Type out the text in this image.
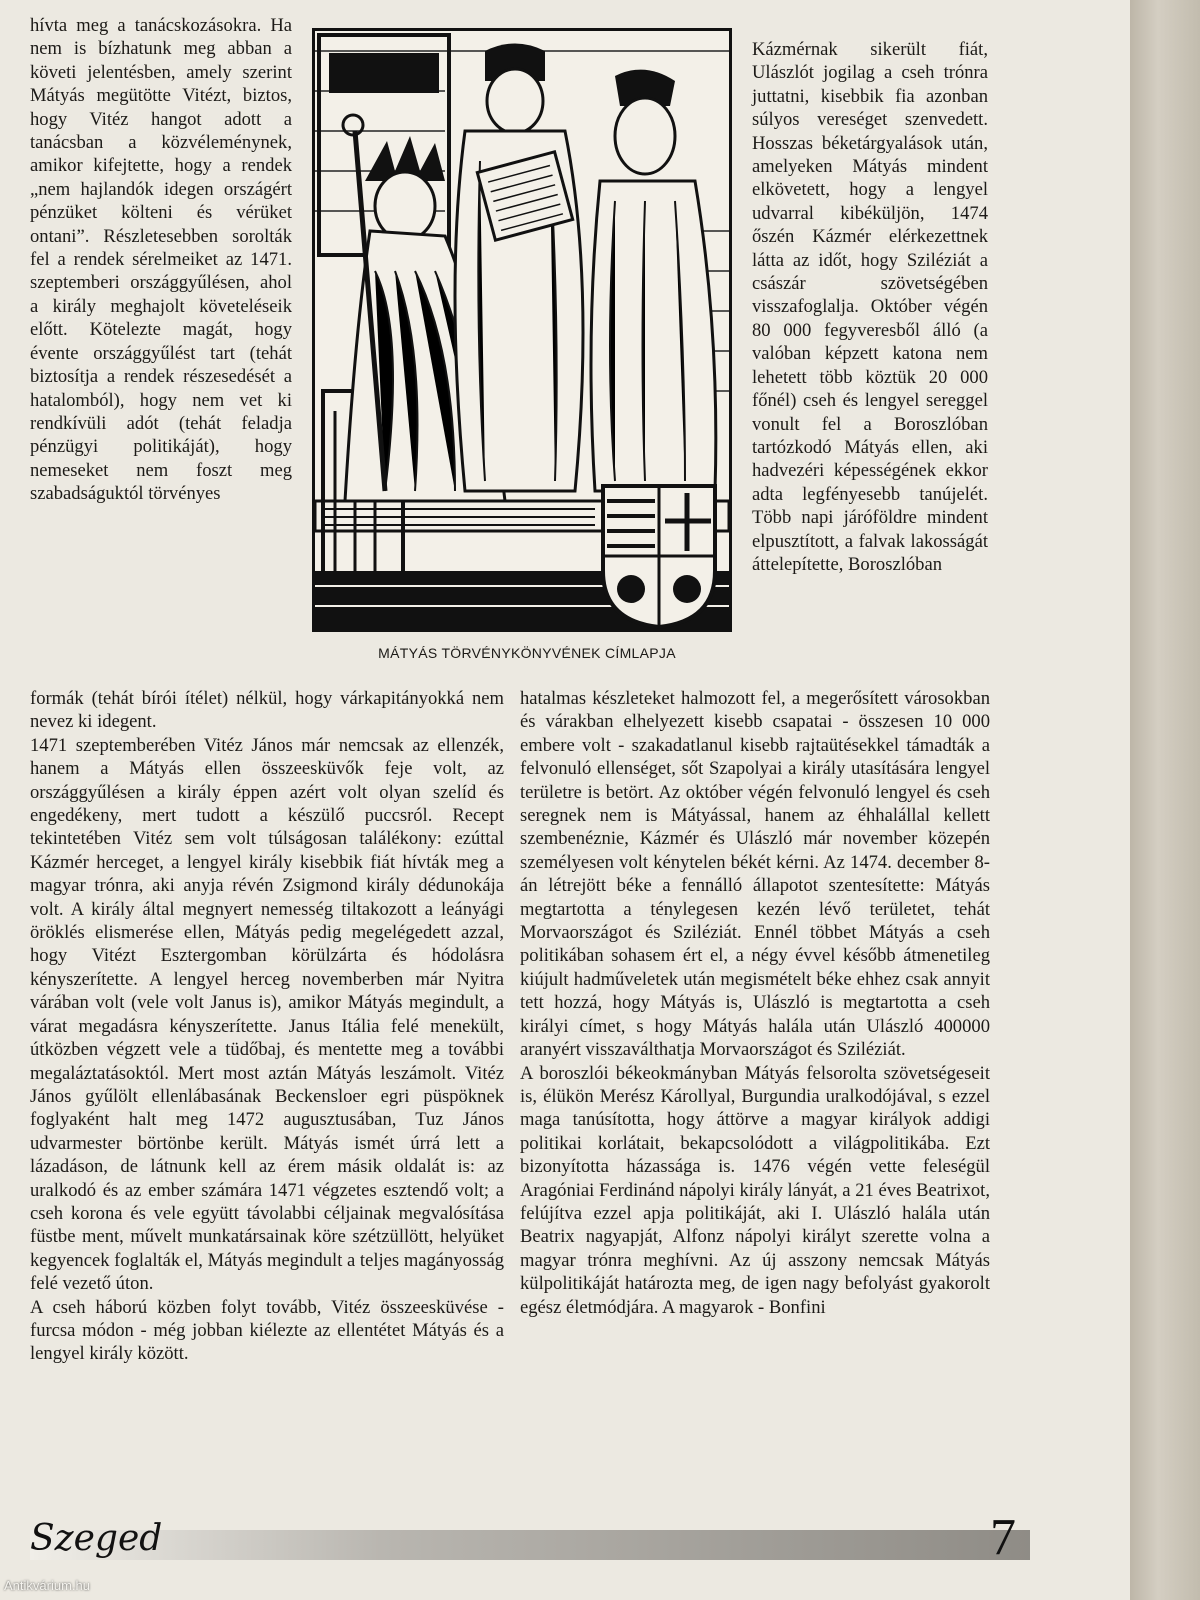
hívta meg a tanácskozásokra. Ha nem is bízhatunk meg abban a követi jelentésben, amely szerint Mátyás megütötte Vitézt, biztos, hogy Vitéz hangot adott a tanácsban a közvéleménynek, amikor kifejtette, hogy a rendek „nem hajlandók idegen országért pénzüket költeni és vérüket ontani”. Részletesebben sorolták fel a rendek sérelmeiket az 1471. szeptemberi országgyűlésen, ahol a király meghajolt követeléseik előtt. Kötelezte magát, hogy évente országgyűlést tart (tehát biztosítja a rendek részesedését a hatalomból), hogy nem vet ki rendkívüli adót (tehát feladja pénzügyi politikáját), hogy nemeseket nem foszt meg szabadságuktól törvényes

MÁTYÁS TÖRVÉNYKÖNYVÉNEK CÍMLAPJA

Kázmérnak sikerült fiát, Ulászlót jogilag a cseh trónra juttatni, kisebbik fia azonban súlyos vereséget szenvedett. Hosszas béketárgyalások után, amelyeken Mátyás mindent elkövetett, hogy a lengyel udvarral kibéküljön, 1474 őszén Kázmér elérkezettnek látta az időt, hogy Sziléziát a császár szövetségében visszafoglalja. Október végén 80 000 fegyveresből álló (a valóban képzett katona nem lehetett több köztük 20 000 főnél) cseh és lengyel sereggel vonult fel a Boroszlóban tartózkodó Mátyás ellen, aki hadvezéri képességének ekkor adta legfényesebb tanújelét. Több napi járóföldre mindent elpusztított, a falvak lakosságát áttelepítette, Boroszlóban

formák (tehát bírói ítélet) nélkül, hogy várkapitányokká nem nevez ki idegent.

1471 szeptemberében Vitéz János már nemcsak az ellenzék, hanem a Mátyás ellen összeesküvők feje volt, az országgyűlésen a király éppen azért volt olyan szelíd és engedékeny, mert tudott a készülő puccsról. Recept tekintetében Vitéz sem volt túlságosan találékony: ezúttal Kázmér herceget, a lengyel király kisebbik fiát hívták meg a magyar trónra, aki anyja révén Zsigmond király dédunokája volt. A király által megnyert nemesség tiltakozott a leányági öröklés elismerése ellen, Mátyás pedig megelégedett azzal, hogy Vitézt Esztergomban körülzárta és hódolásra kényszerítette. A lengyel herceg novemberben már Nyitra várában volt (vele volt Janus is), amikor Mátyás megindult, a várat megadásra kényszerítette. Janus Itália felé menekült, útközben végzett vele a tüdőbaj, és mentette meg a további megaláztatásoktól. Mert most aztán Mátyás leszámolt. Vitéz János gyűlölt ellenlábasának Beckensloer egri püspöknek foglyaként halt meg 1472 augusztusában, Tuz János udvarmester börtönbe került. Mátyás ismét úrrá lett a lázadáson, de látnunk kell az érem másik oldalát is: az uralkodó és az ember számára 1471 végzetes esztendő volt; a cseh korona és vele együtt távolabbi céljainak megvalósítása füstbe ment, művelt munkatársainak köre szétzüllött, helyüket kegyencek foglalták el, Mátyás megindult a teljes magányosság felé vezető úton.

A cseh háború közben folyt tovább, Vitéz összeesküvése - furcsa módon - még jobban kiélezte az ellentétet Mátyás és a lengyel király között.

hatalmas készleteket halmozott fel, a megerősített városokban és várakban elhelyezett kisebb csapatai - összesen 10 000 embere volt - szakadatlanul kisebb rajtaütésekkel támadták a felvonuló ellenséget, sőt Szapolyai a király utasítására lengyel területre is betört. Az október végén felvonuló lengyel és cseh seregnek nem is Mátyással, hanem az éhhalállal kellett szembenéznie, Kázmér és Ulászló már november közepén személyesen volt kénytelen békét kérni. Az 1474. december 8-án létrejött béke a fennálló állapotot szentesítette: Mátyás megtartotta a ténylegesen kezén lévő területet, tehát Morvaországot és Sziléziát. Ennél többet Mátyás a cseh politikában sohasem ért el, a négy évvel később átmenetileg kiújult hadműveletek után megismételt béke ehhez csak annyit tett hozzá, hogy Mátyás is, Ulászló is megtartotta a cseh királyi címet, s hogy Mátyás halála után Ulászló 400000 aranyért visszaválthatja Morvaországot és Sziléziát.

A boroszlói békeokmányban Mátyás felsorolta szövetségeseit is, élükön Merész Károllyal, Burgundia uralkodójával, s ezzel maga tanúsította, hogy áttörve a magyar királyok addigi politikai korlátait, bekapcsolódott a világpolitikába. Ezt bizonyította házassága is. 1476 végén vette feleségül Aragóniai Ferdinánd nápolyi király lányát, a 21 éves Beatrixot, felújítva ezzel apja politikáját, aki I. Ulászló halála után Beatrix nagyapját, Alfonz nápolyi királyt szerette volna a magyar trónra meghívni. Az új asszony nemcsak Mátyás külpolitikáját határozta meg, de igen nagy befolyást gyakorolt egész életmódjára. A magyarok - Bonfini

Szeged	7
Antikvárium.hu
